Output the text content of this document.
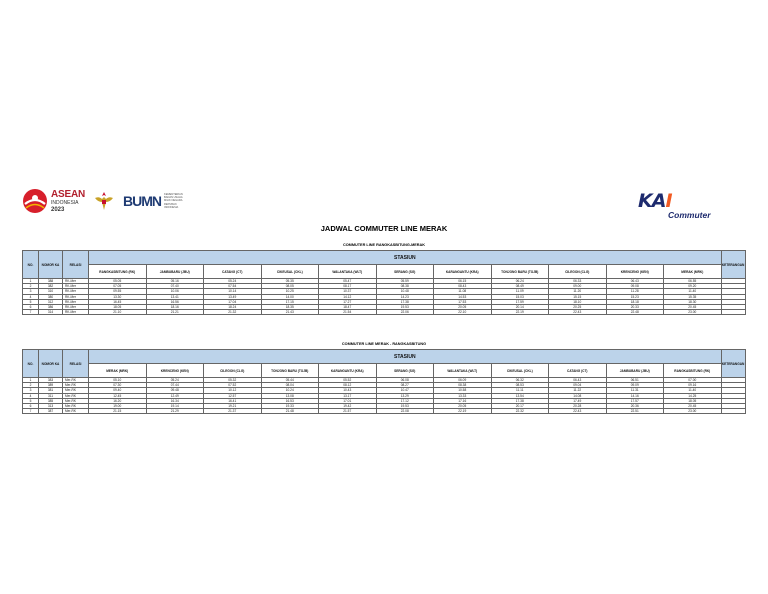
ASEAN
INDONESIA
2023
BUMN KEMENTERIAN BADAN USAHA MILIK NEGARA REPUBLIK INDONESIA	KAI
Commuter
JADWAL COMMUTER LINE MERAK
COMMUTER LINE RANGKASBITUNG-MERAK
NO.	NOMOR KA	RELASI	STASIUN											KETERANGAN
			RANGKASBITUNG (RK)	JAMBUBARU (JBU)	CATANG (CT)	CIKEUSAL (CKL)	WALANTAKA (WLT)	SERANG (SG)	KARANGANTU (KRA)	TONJONG BARU (TOJB)	CILEGON (CLG)	KRENCENG (KEN)	MERAK (MRK)	
1	388	RK-Mer	05.05	05.16	05.24	05.35	05.47	05.59	06.15	06.24	06.33	06.43	06.55	
2	382	RK-Mer	07.05	07.40	07.54	08.05	08.17	08.38	08.43	08.49	09.00	09.08	09.20	
3	310	RK-Mer	09.55	10.06	10.14	10.25	10.37	10.48	11.08	11.09	11.20	11.28	11.40	
4	380	RK-Mer	13.30	13.41	13.49	14.00	14.12	14.23	14.53	15.03	15.15	15.23	15.35	
5	312	RK-Mer	16.45	16.56	17.04	17.15	17.27	17.38	17.53	17.59	18.10	18.18	18.30	
6	386	RK-Mer	18.05	18.16	18.24	18.35	18.47	19.53	20.05	20.14	20.25	20.33	20.45	
7	314	RK-Mer	21.10	21.21	21.32	21.43	21.54	22.06	22.10	22.19	22.43	22.48	23.00	
COMMUTER LINE MERAK - RANGKASBITUNG
NO.	NOMOR KA	RELASI	STASIUN											KETERANGAN
			MERAK (MRK)	KRENCENG (KEN)	CILEGON (CLG)	TONJONG BARU (TOJB)	KARANGANTU (KRA)	SERANG (SG)	WALANTAKA (WLT)	CIKEUSAL (CKL)	CATANG (CT)	JAMBUBARU (JBU)	RANGKASBITUNG (RK)	
1	383	Mer-RK	05.10	05.24	05.32	05.44	05.52	06.08	06.09	06.32	06.43	06.51	07.00	
2	389	Mer-RK	07.30	07.44	07.52	08.04	08.12	08.27	08.38	08.53	09.04	09.09	09.16	
3	381	Mer-RK	09.40	09.48	10.12	10.24	10.43	10.47	10.58	11.11	11.22	11.31	11.40	
4	311	Mer-RK	12.45	12.49	12.57	13.08	13.17	13.29	13.33	13.54	14.08	14.16	14.25	
5	385	Mer-RK	16.20	16.34	16.41	16.53	17.01	17.12	17.16	17.38	17.49	17.57	18.05	
6	313	Mer-RK	19.00	19.14	19.21	19.33	19.42	19.53	20.05	20.17	20.28	20.36	20.45	
7	387	Mer-RK	21.15	21.29	21.37	21.48	21.57	22.08	22.19	22.32	22.43	22.51	23.00	
